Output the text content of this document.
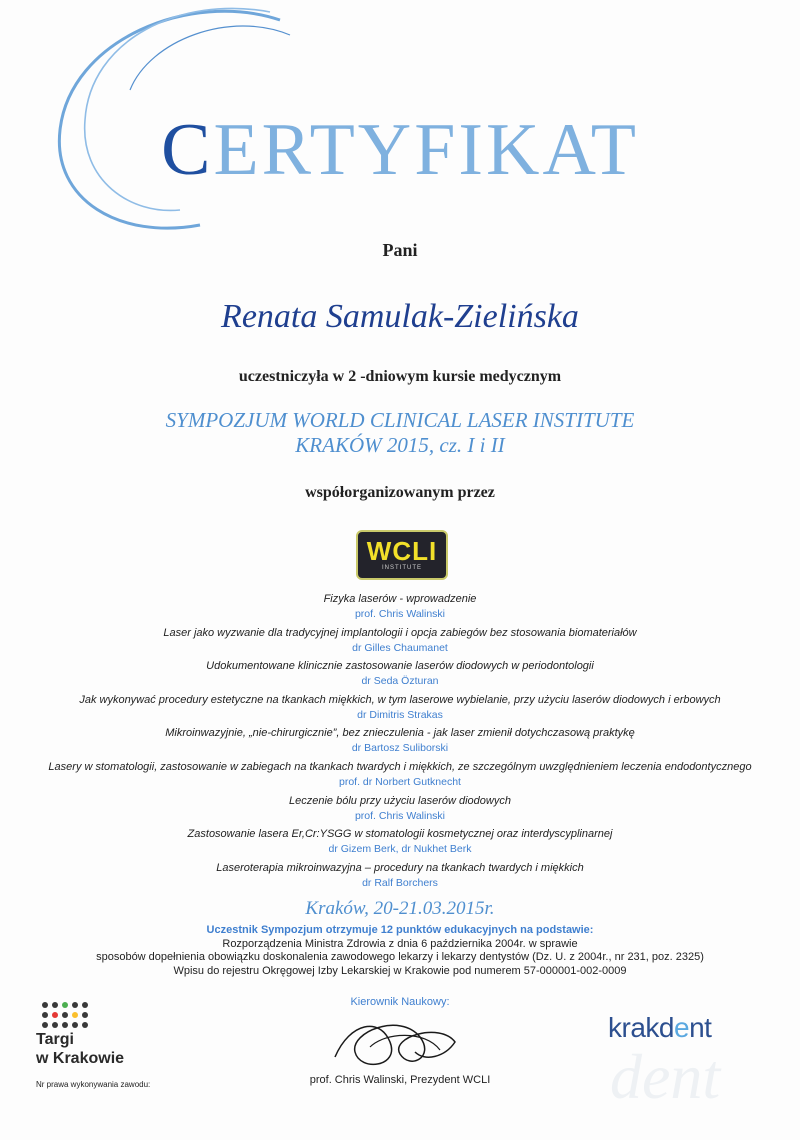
CERTYFIKAT
Pani
Renata Samulak-Zielińska
uczestniczyła w 2 -dniowym kursie medycznym
SYMPOZJUM WORLD CLINICAL LASER INSTITUTE
KRAKÓW 2015, cz. I i II
współorganizowanym przez
WCLI
INSTITUTE
Fizyka laserów - wprowadzenie
prof. Chris Walinski
Laser jako wyzwanie dla tradycyjnej implantologii i opcja zabiegów bez stosowania biomateriałów
dr Gilles Chaumanet
Udokumentowane klinicznie zastosowanie laserów diodowych w periodontologii
dr Seda Özturan
Jak wykonywać procedury estetyczne na tkankach miękkich, w tym laserowe wybielanie, przy użyciu laserów diodowych i erbowych
dr Dimitris Strakas
Mikroinwazyjnie, „nie-chirurgicznie”, bez znieczulenia - jak laser zmienił dotychczasową praktykę
dr Bartosz Suliborski
Lasery w stomatologii, zastosowanie w zabiegach na tkankach twardych i miękkich, ze szczególnym uwzględnieniem leczenia endodontycznego
prof. dr Norbert Gutknecht
Leczenie bólu przy użyciu laserów diodowych
prof. Chris Walinski
Zastosowanie lasera Er,Cr:YSGG w stomatologii kosmetycznej oraz interdyscyplinarnej
dr Gizem Berk, dr Nukhet Berk
Laseroterapia mikroinwazyjna – procedury na tkankach twardych i miękkich
dr Ralf Borchers
Kraków, 20-21.03.2015r.
Uczestnik Sympozjum otrzymuje 12 punktów edukacyjnych na podstawie:
Rozporządzenia Ministra Zdrowia z dnia 6 października 2004r. w sprawie
sposobów dopełnienia obowiązku doskonalenia zawodowego lekarzy i lekarzy dentystów (Dz. U. z 2004r., nr 231, poz. 2325)
Wpisu do rejestru Okręgowej Izby Lekarskiej w Krakowie pod numerem 57-000001-002-0009
Kierownik Naukowy:
prof. Chris Walinski, Prezydent WCLI
Targi
w Krakowie
Nr prawa wykonywania zawodu:	dent
krakdent
